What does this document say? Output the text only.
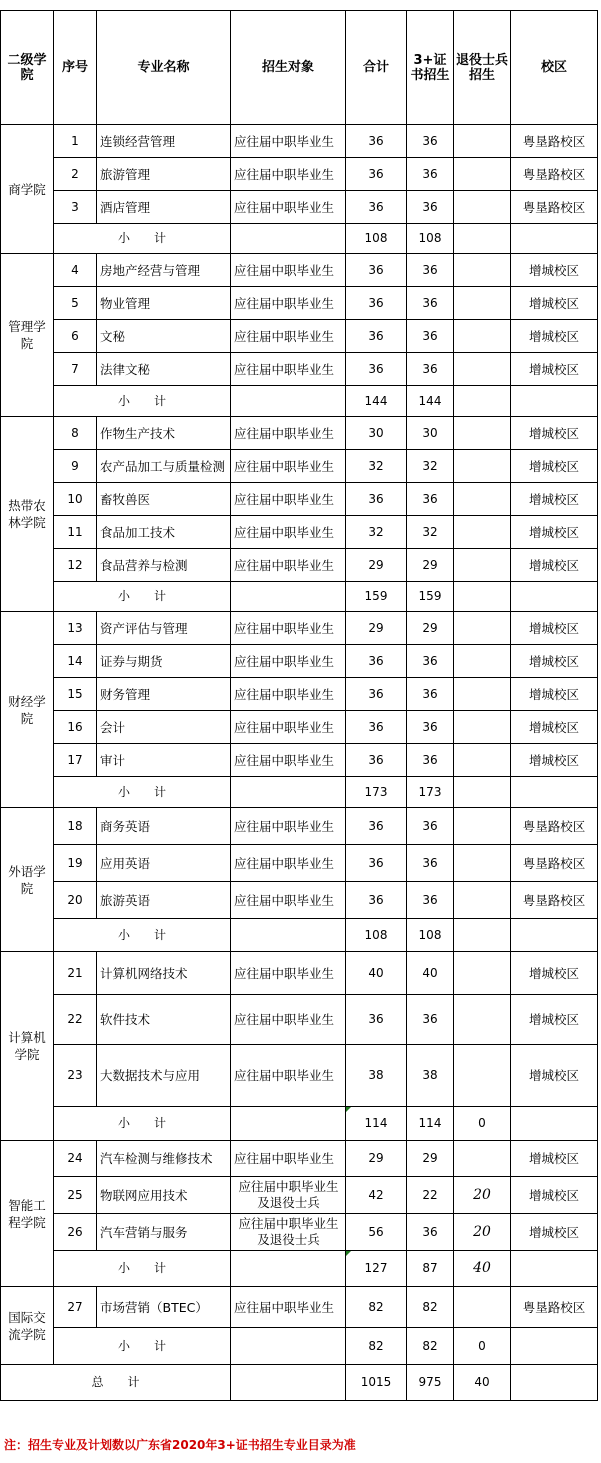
二级学院	序号	专业名称	招生对象	合计	3+证书招生	退役士兵招生	校区
商学院	1	连锁经营管理	应往届中职毕业生	36	36		粤垦路校区
	2	旅游管理	应往届中职毕业生	36	36		粤垦路校区
	3	酒店管理	应往届中职毕业生	36	36		粤垦路校区
	小　　计			108	108		
管理学院	4	房地产经营与管理	应往届中职毕业生	36	36		增城校区
	5	物业管理	应往届中职毕业生	36	36		增城校区
	6	文秘	应往届中职毕业生	36	36		增城校区
	7	法律文秘	应往届中职毕业生	36	36		增城校区
	小　　计			144	144		
热带农林学院	8	作物生产技术	应往届中职毕业生	30	30		增城校区
	9	农产品加工与质量检测	应往届中职毕业生	32	32		增城校区
	10	畜牧兽医	应往届中职毕业生	36	36		增城校区
	11	食品加工技术	应往届中职毕业生	32	32		增城校区
	12	食品营养与检测	应往届中职毕业生	29	29		增城校区
	小　　计			159	159		
财经学院	13	资产评估与管理	应往届中职毕业生	29	29		增城校区
	14	证券与期货	应往届中职毕业生	36	36		增城校区
	15	财务管理	应往届中职毕业生	36	36		增城校区
	16	会计	应往届中职毕业生	36	36		增城校区
	17	审计	应往届中职毕业生	36	36		增城校区
	小　　计			173	173		
外语学院	18	商务英语	应往届中职毕业生	36	36		粤垦路校区
	19	应用英语	应往届中职毕业生	36	36		粤垦路校区
	20	旅游英语	应往届中职毕业生	36	36		粤垦路校区
	小　　计			108	108		
计算机学院	21	计算机网络技术	应往届中职毕业生	40	40		增城校区
	22	软件技术	应往届中职毕业生	36	36		增城校区
	23	大数据技术与应用	应往届中职毕业生	38	38		增城校区
	小　　计			114	114	0	
智能工程学院	24	汽车检测与维修技术	应往届中职毕业生	29	29		增城校区
	25	物联网应用技术	应往届中职毕业生及退役士兵	42	22	20	增城校区
	26	汽车营销与服务	应往届中职毕业生及退役士兵	56	36	20	增城校区
	小　　计			127	87	40	
国际交流学院	27	市场营销（BTEC）	应往届中职毕业生	82	82		粤垦路校区
	小　　计			82	82	0	
总　　计				1015	975	40	
注：招生专业及计划数以广东省2020年3+证书招生专业目录为准
